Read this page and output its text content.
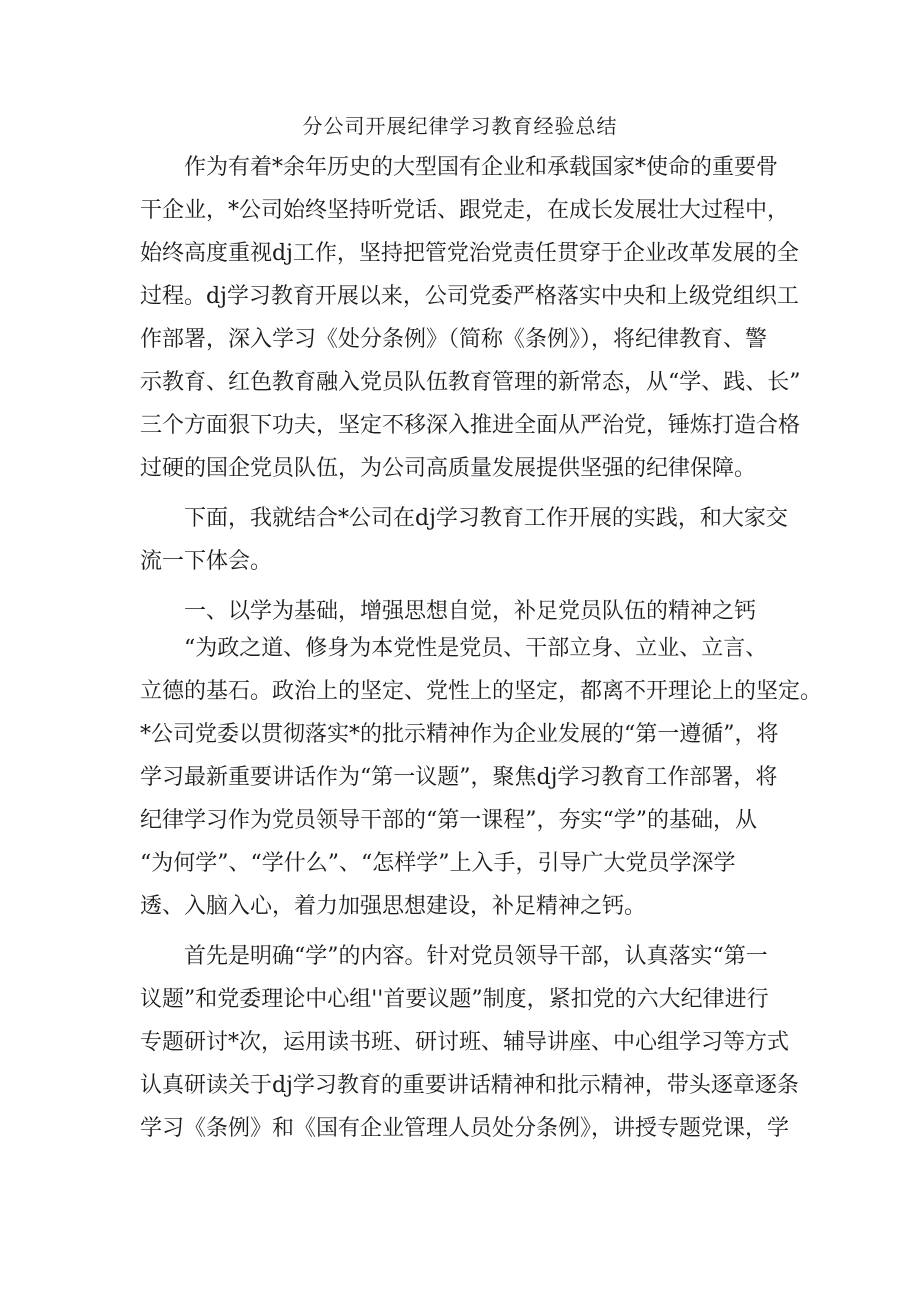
分公司开展纪律学习教育经验总结
　　作为有着*余年历史的大型国有企业和承载国家*使命的重要骨
干企业，*公司始终坚持听党话、跟党走，在成长发展壮大过程中，
始终高度重视dj工作，坚持把管党治党责任贯穿于企业改革发展的全
过程。dj学习教育开展以来，公司党委严格落实中央和上级党组织工
作部署，深入学习《处分条例》（简称《条例》），将纪律教育、警
示教育、红色教育融入党员队伍教育管理的新常态，从“学、践、长”
三个方面狠下功夫，坚定不移深入推进全面从严治党，锤炼打造合格
过硬的国企党员队伍，为公司高质量发展提供坚强的纪律保障。
　　下面，我就结合*公司在dj学习教育工作开展的实践，和大家交
流一下体会。
　　一、以学为基础，增强思想自觉，补足党员队伍的精神之钙
　　“为政之道、修身为本党性是党员、干部立身、立业、立言、
立德的基石。政治上的坚定、党性上的坚定，都离不开理论上的坚定。
*公司党委以贯彻落实*的批示精神作为企业发展的“第一遵循”，将
学习最新重要讲话作为“第一议题”，聚焦dj学习教育工作部署，将
纪律学习作为党员领导干部的“第一课程”，夯实“学”的基础，从
“为何学”、“学什么”、“怎样学”上入手，引导广大党员学深学
透、入脑入心，着力加强思想建设，补足精神之钙。
　　首先是明确“学”的内容。针对党员领导干部，认真落实“第一
议题”和党委理论中心组''首要议题”制度，紧扣党的六大纪律进行
专题研讨*次，运用读书班、研讨班、辅导讲座、中心组学习等方式
认真研读关于dj学习教育的重要讲话精神和批示精神，带头逐章逐条
学习《条例》和《国有企业管理人员处分条例》，讲授专题党课，学
